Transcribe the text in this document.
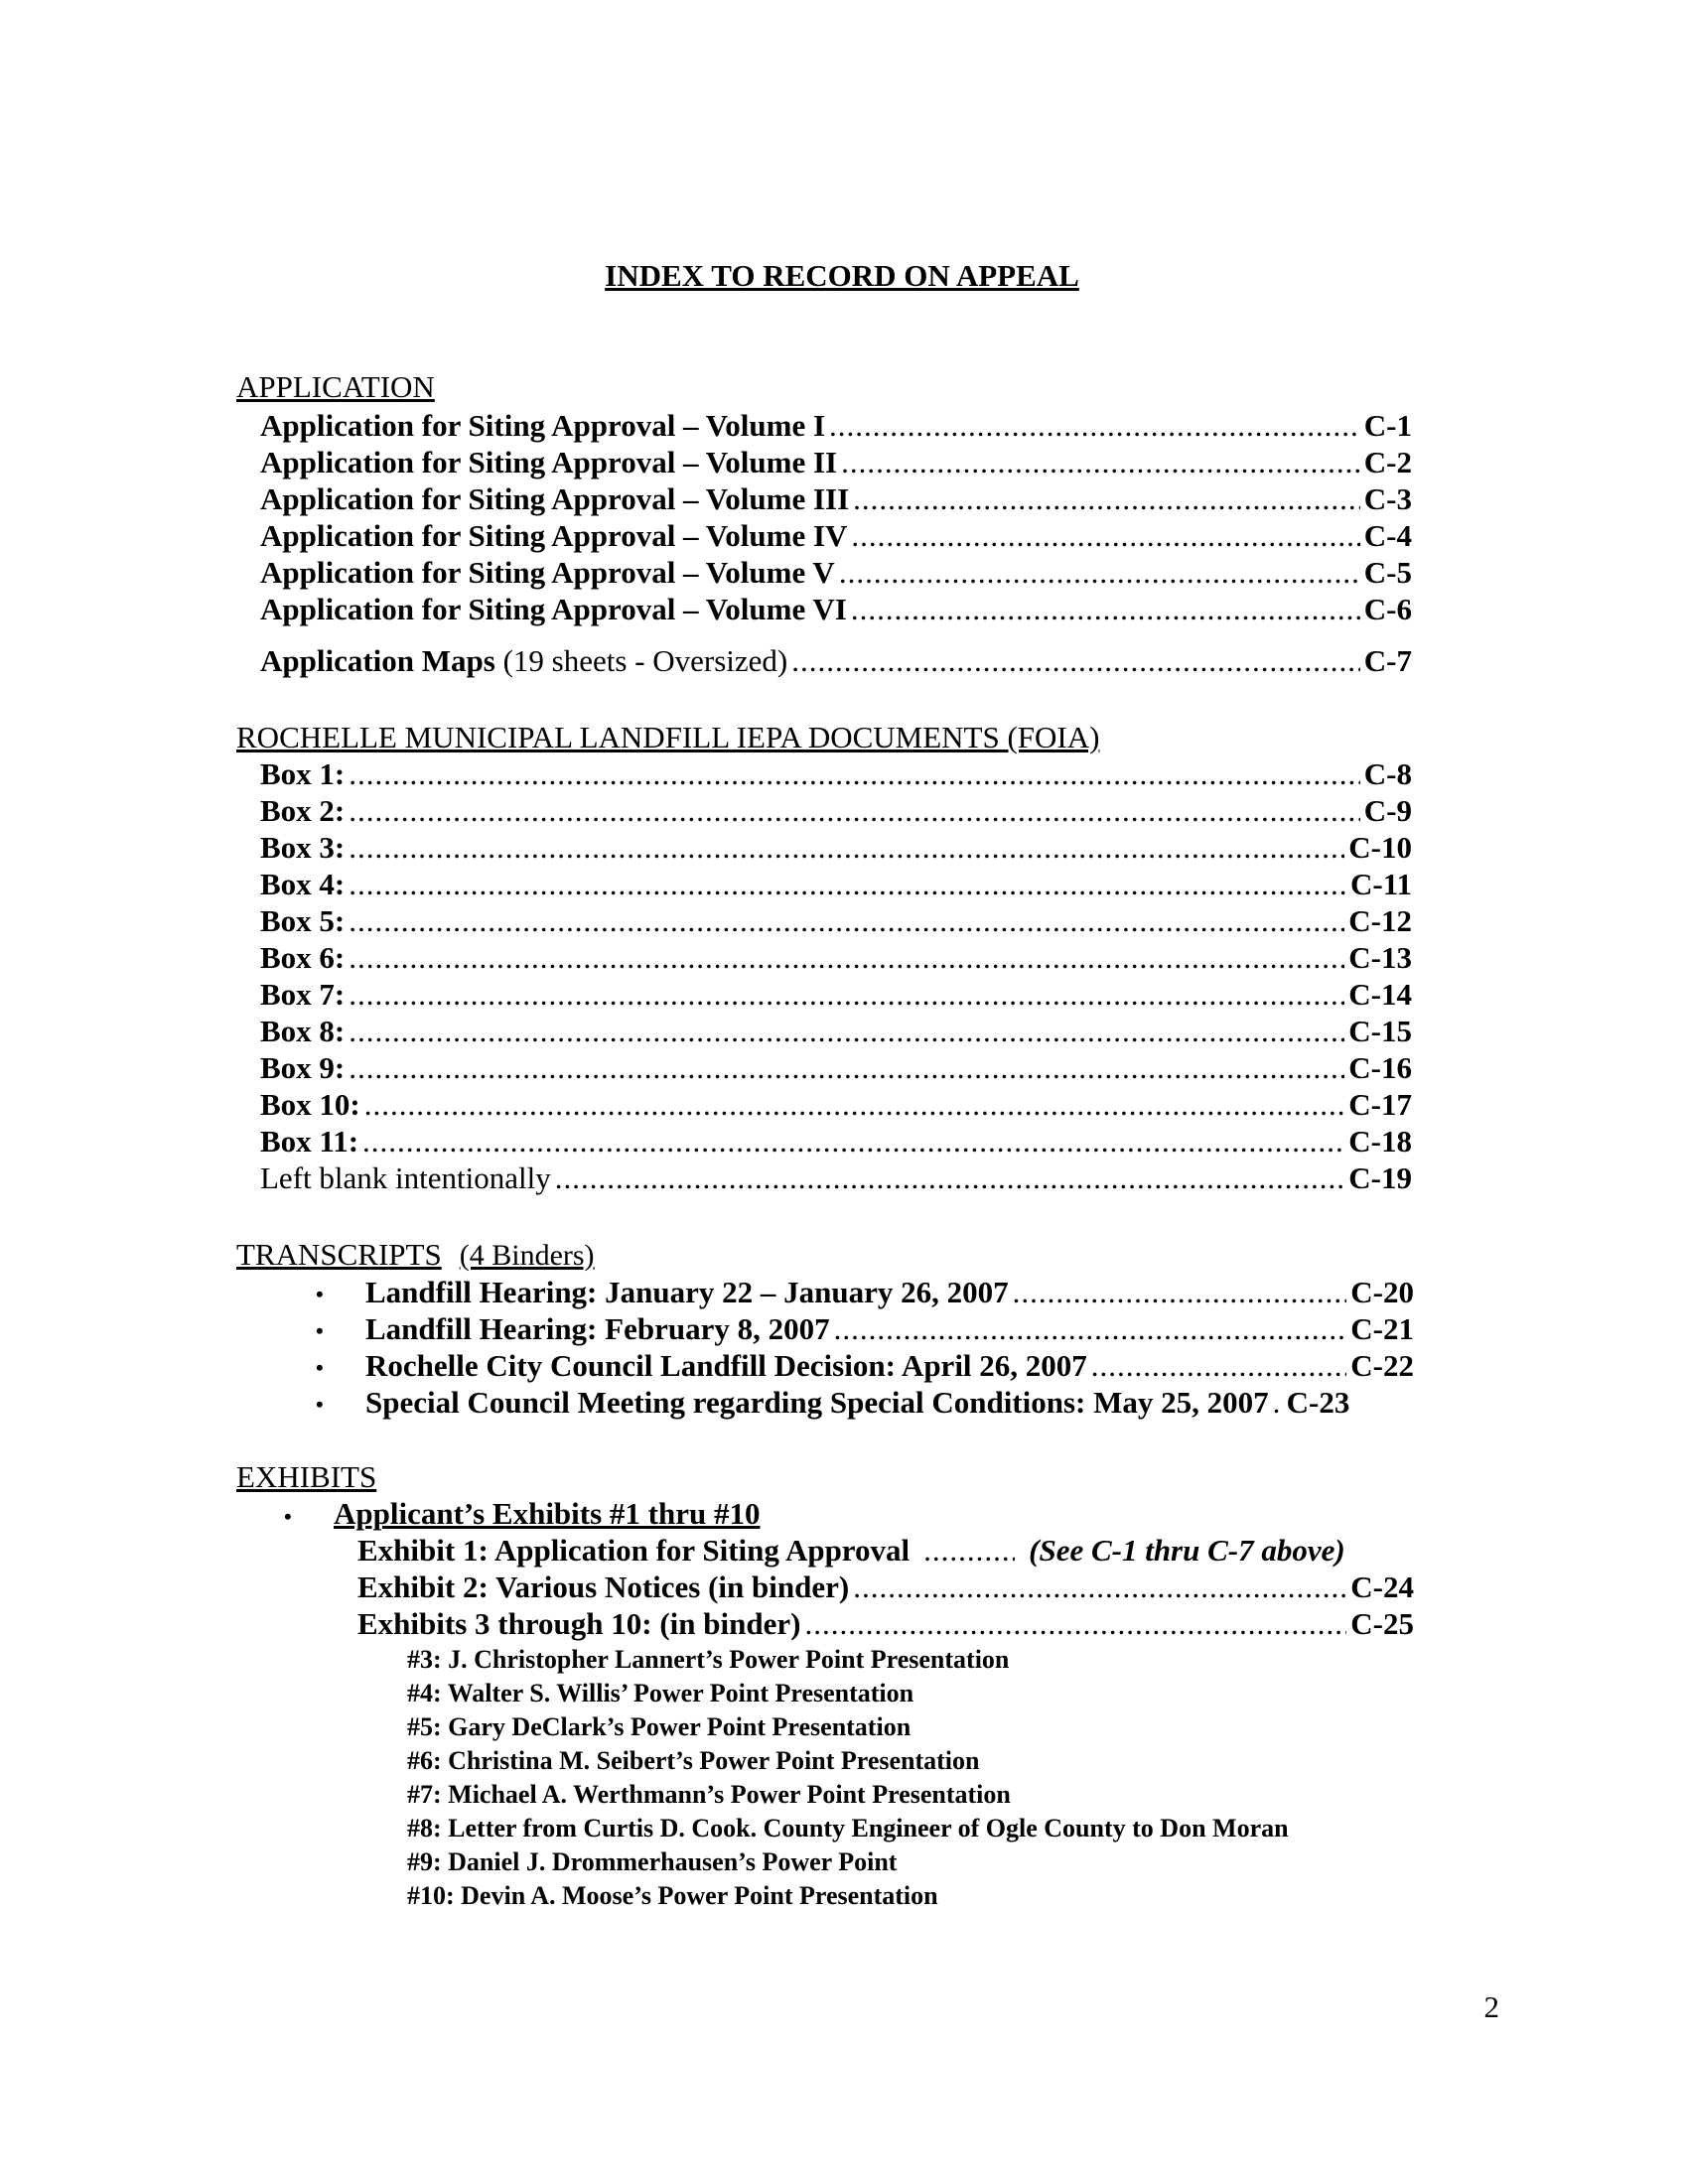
INDEX TO RECORD ON APPEAL
APPLICATION
Application for Siting Approval – Volume I .....	C-1
Application for Siting Approval – Volume II .....	C-2
Application for Siting Approval – Volume III .....	C-3
Application for Siting Approval – Volume IV .....	C-4
Application for Siting Approval – Volume V .....	C-5
Application for Siting Approval – Volume VI .....	C-6
Application Maps (19 sheets - Oversized) .....	C-7
ROCHELLE MUNICIPAL LANDFILL IEPA DOCUMENTS (FOIA)
Box 1: .....	C-8
Box 2: .....	C-9
Box 3: .....	C-10
Box 4: .....	C-11
Box 5: .....	C-12
Box 6: .....	C-13
Box 7: .....	C-14
Box 8: .....	C-15
Box 9: .....	C-16
Box 10: .....	C-17
Box 11: .....	C-18
Left blank intentionally .....	C-19
TRANSCRIPTS (4 Binders)
• Landfill Hearing: January 22 – January 26, 2007 .....	C-20
• Landfill Hearing: February 8, 2007 .....	C-21
• Rochelle City Council Landfill Decision: April 26, 2007 .....	C-22
• Special Council Meeting regarding Special Conditions: May 25, 2007 ..... C-23
EXHIBITS
• Applicant’s Exhibits #1 thru #10
Exhibit 1: Application for Siting Approval .....	(See C-1 thru C-7 above)
Exhibit 2: Various Notices (in binder) .....	C-24
Exhibits 3 through 10: (in binder) .....	C-25
#3: J. Christopher Lannert’s Power Point Presentation
#4: Walter S. Willis’ Power Point Presentation
#5: Gary DeClark’s Power Point Presentation
#6: Christina M. Seibert’s Power Point Presentation
#7: Michael A. Werthmann’s Power Point Presentation
#8: Letter from Curtis D. Cook. County Engineer of Ogle County to Don Moran
#9: Daniel J. Drommerhausen’s Power Point
#10: Devin A. Moose’s Power Point Presentation
2
